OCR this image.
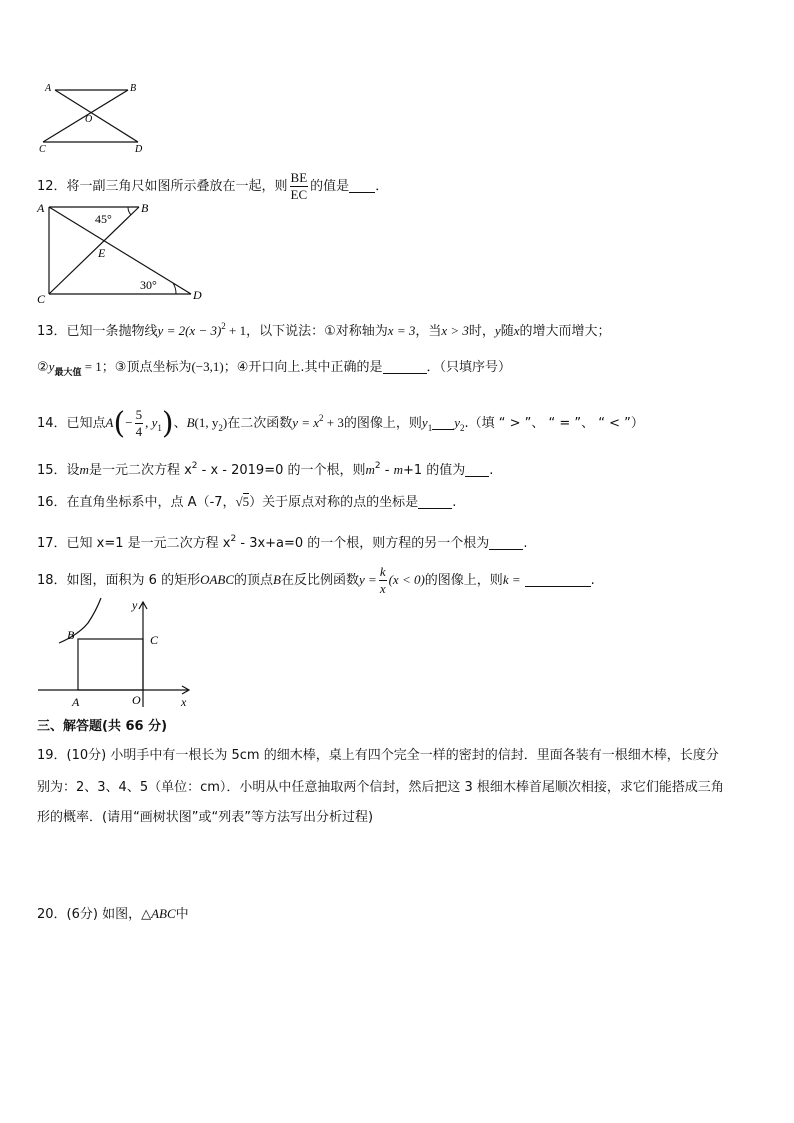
A	B
O
C	D
12．将一副三角尺如图所示叠放在一起，则 $\frac{BE}{EC}$ 的值是 ．
A	B
E
C	D
45°
30°
13．已知一条抛物线$y = 2(x - 3)^2 + 1$，以下说法：①对称轴为x = 3，当x > 3时，y随x的增大而增大；
$②y_{最大值} = 1$；③顶点坐标为(−3,1)；④开口向上.其中正确的是	．（只填序号）
14．已知点$A(- \frac{5}{4}$ , $y_1$)、B(1, $y_2$)在二次函数$y = x^2 + 3$的图像上，则$y_1$ $y_2$.（填 “ > ”、 “ = ”、 “ < ”）
15．设m是一元二次方程 $x^2 - x - 2019=0$ 的一个根，则$m^2 - m+1$ 的值为 .
16．在直角坐标系中，点 A（-7，√5）关于原点对称的点的坐标是	.
17．已知 x=1 是一元二次方程 $x^2 - 3x+a=0$ 的一个根，则方程的另一个根为	.
18．如图，面积为 6 的矩形OABC的顶点B在反比例函数$y = \frac{k}{x} (x < 0)$的图像上，则k =	.
y
x
B	C
O
A
三、解答题(共 66 分)
19．(10分) 小明手中有一根长为 5cm 的细木棒，桌上有四个完全一样的密封的信封．里面各装有一根细木棒，长度分
别为：2、3、4、5（单位：cm）．小明从中任意抽取两个信封，然后把这 3 根细木棒首尾顺次相接，求它们能搭成三角
形的概率．(请用“画树状图”或“列表”等方法写出分析过程)
20．(6分) 如图，△ABC中
